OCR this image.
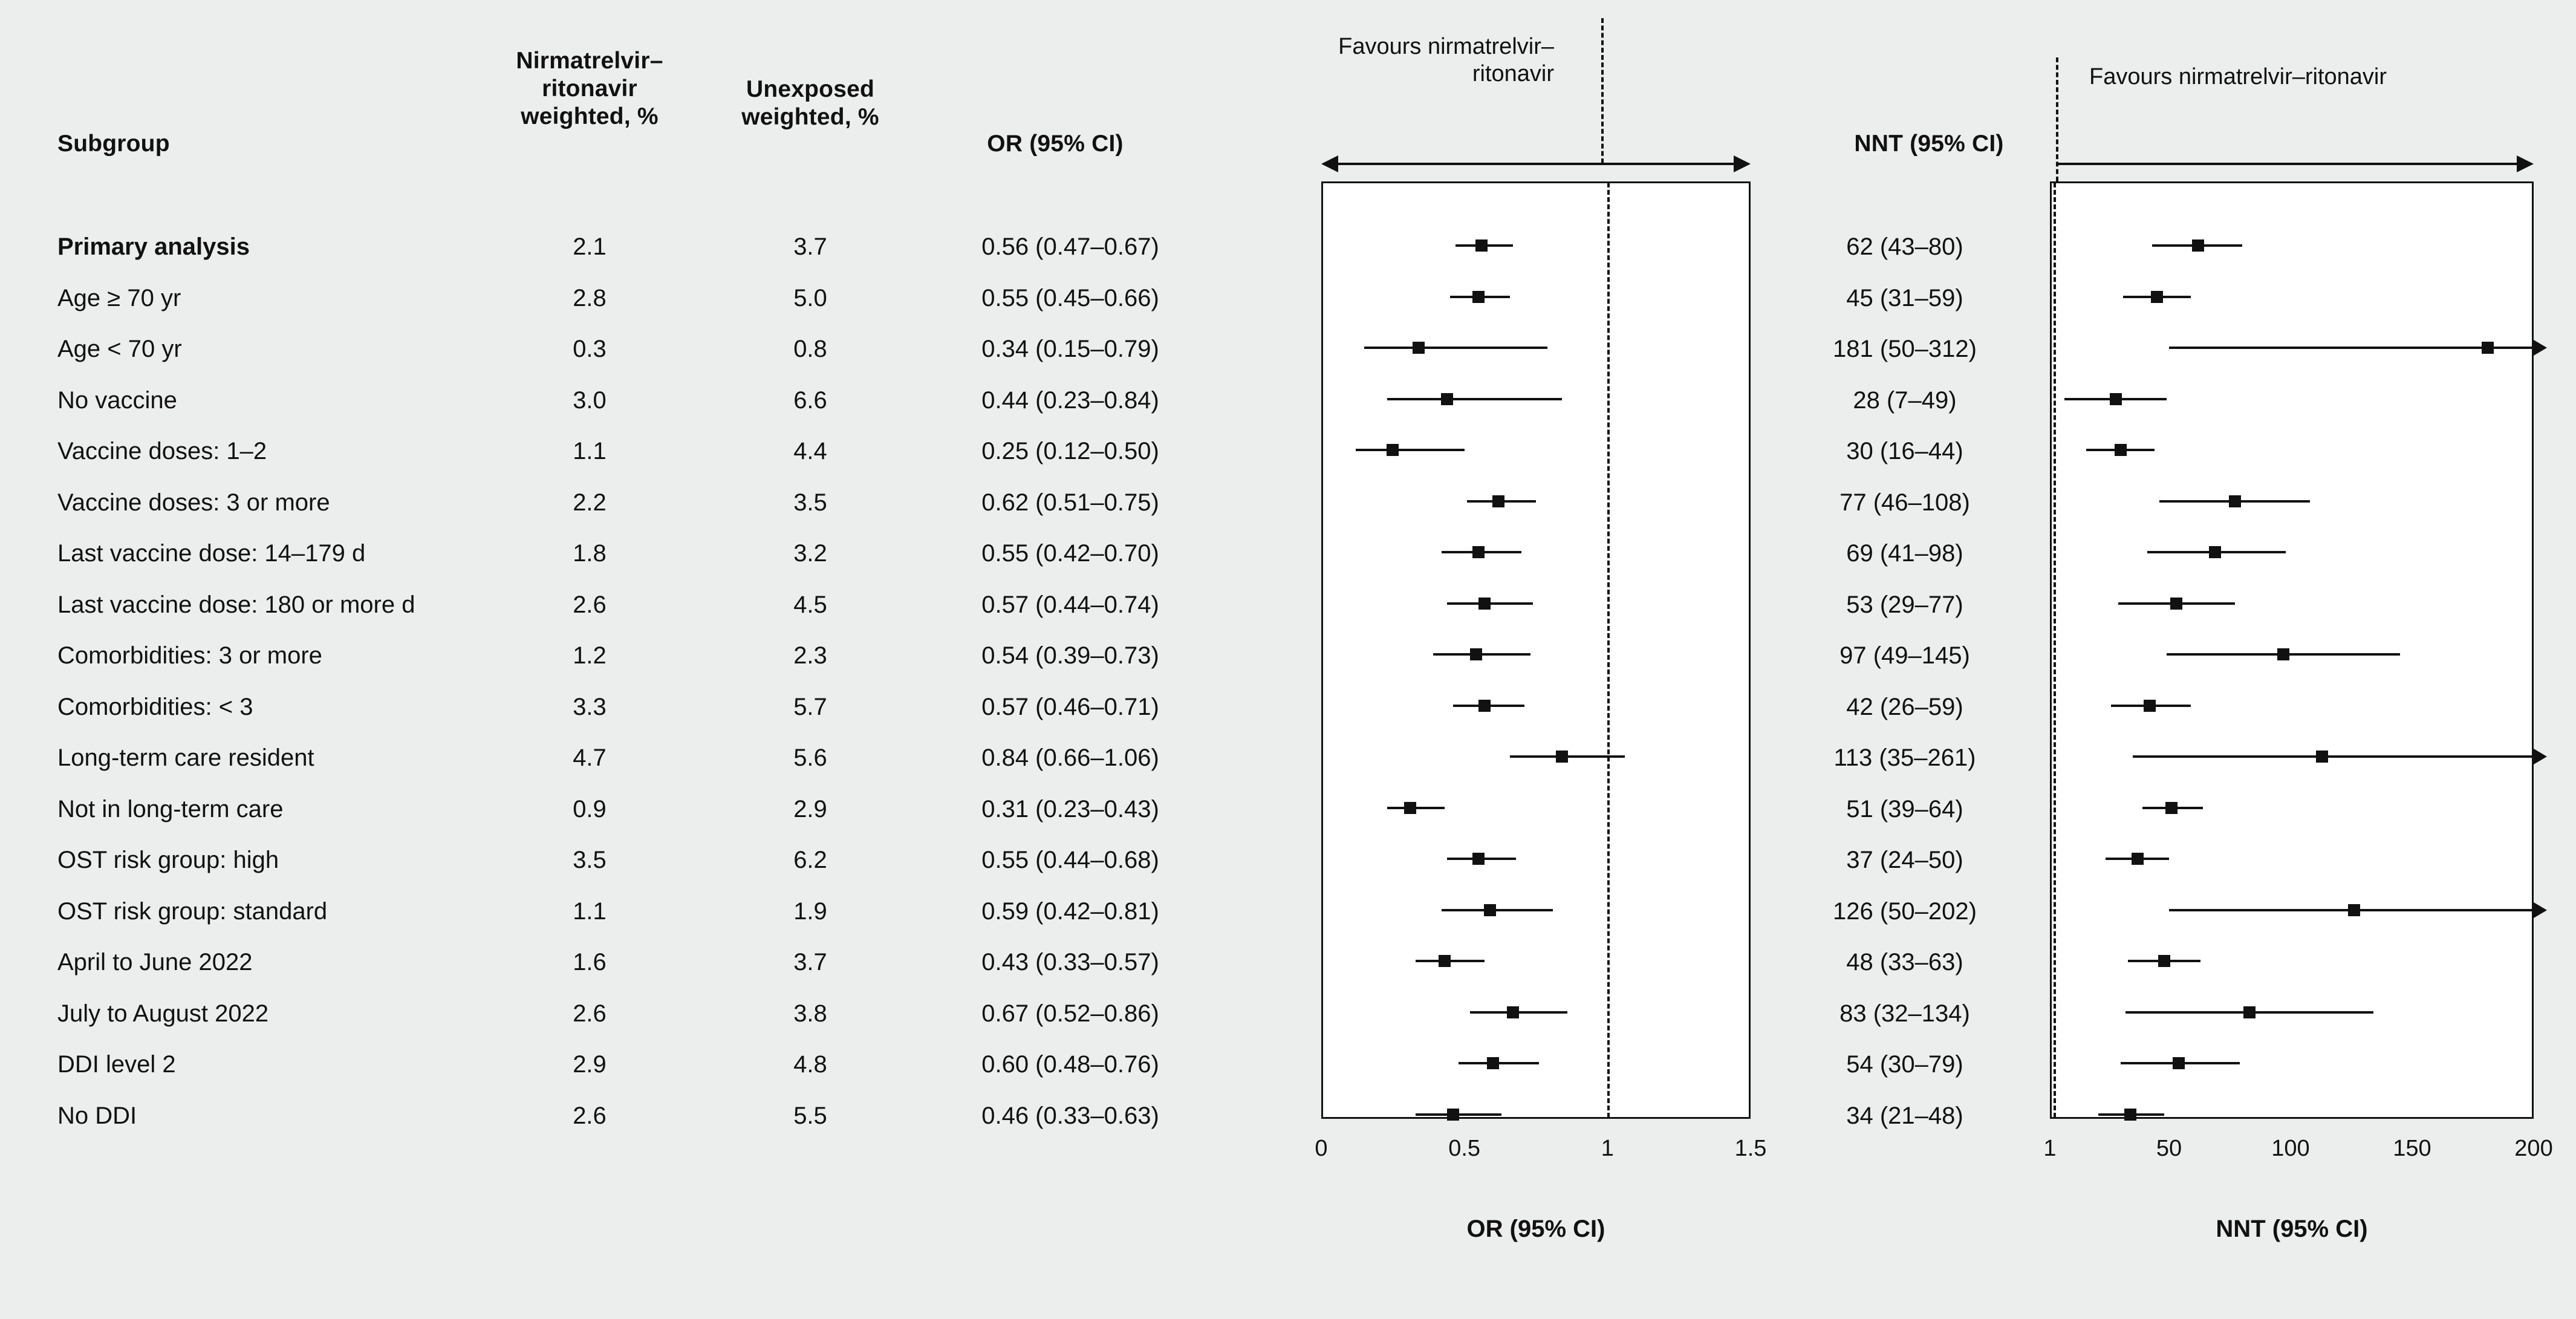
Subgroup
Nirmatrelvir–
ritonavir
weighted, %
Unexposed
weighted, %
OR (95% CI)	NNT (95% CI)
Favours nirmatrelvir–ritonavir	Favours nirmatrelvir–ritonavir
OR (95% CI)	NNT (95% CI)
Primary analysis	2.1	3.7	0.56 (0.47–0.67)	62 (43–80)
Age ≥ 70 yr	2.8	5.0	0.55 (0.45–0.66)	45 (31–59)
Age < 70 yr	0.3	0.8	0.34 (0.15–0.79)	181 (50–312)
No vaccine	3.0	6.6	0.44 (0.23–0.84)	28 (7–49)
Vaccine doses: 1–2	1.1	4.4	0.25 (0.12–0.50)	30 (16–44)
Vaccine doses: 3 or more	2.2	3.5	0.62 (0.51–0.75)	77 (46–108)
Last vaccine dose: 14–179 d	1.8	3.2	0.55 (0.42–0.70)	69 (41–98)
Last vaccine dose: 180 or more d	2.6	4.5	0.57 (0.44–0.74)	53 (29–77)
Comorbidities: 3 or more	1.2	2.3	0.54 (0.39–0.73)	97 (49–145)
Comorbidities: < 3	3.3	5.7	0.57 (0.46–0.71)	42 (26–59)
Long-term care resident	4.7	5.6	0.84 (0.66–1.06)	113 (35–261)
Not in long-term care	0.9	2.9	0.31 (0.23–0.43)	51 (39–64)
OST risk group: high	3.5	6.2	0.55 (0.44–0.68)	37 (24–50)
OST risk group: standard	1.1	1.9	0.59 (0.42–0.81)	126 (50–202)
April to June 2022	1.6	3.7	0.43 (0.33–0.57)	48 (33–63)
July to August 2022	2.6	3.8	0.67 (0.52–0.86)	83 (32–134)
DDI level 2	2.9	4.8	0.60 (0.48–0.76)	54 (30–79)
No DDI	2.6	5.5	0.46 (0.33–0.63)	34 (21–48)
0	0.5	1	1.5	1	50	100	150	200
